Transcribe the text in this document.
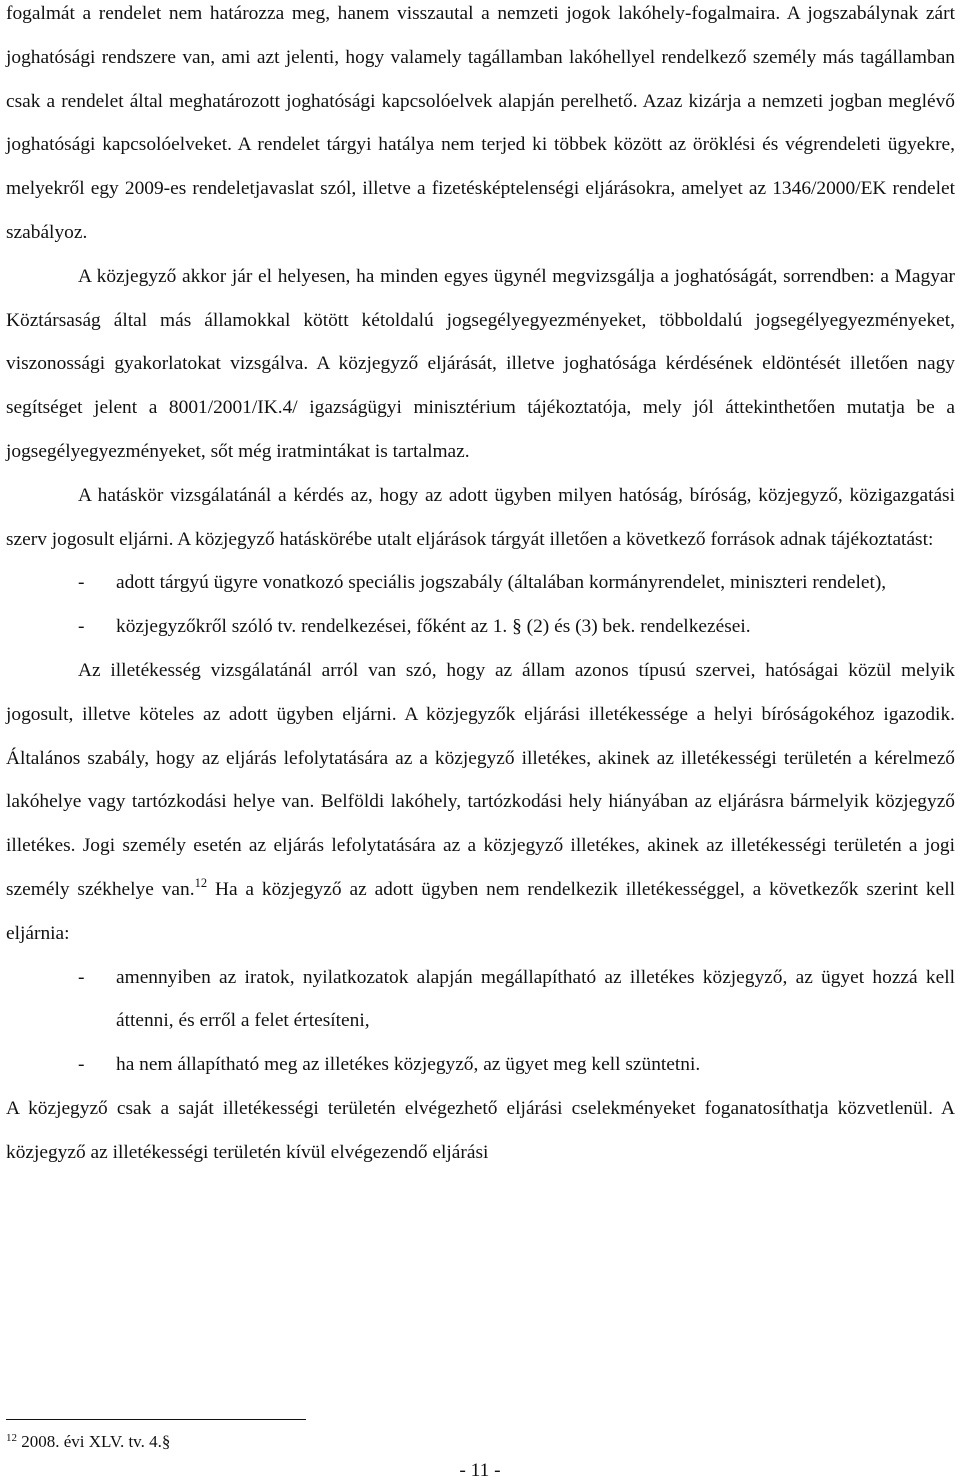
fogalmát a rendelet nem határozza meg, hanem visszautal a nemzeti jogok lakóhely-fogalmaira. A jogszabálynak zárt joghatósági rendszere van, ami azt jelenti, hogy valamely tagállamban lakóhellyel rendelkező személy más tagállamban csak a rendelet által meghatározott joghatósági kapcsolóelvek alapján perelhető. Azaz kizárja a nemzeti jogban meglévő joghatósági kapcsolóelveket. A rendelet tárgyi hatálya nem terjed ki többek között az öröklési és végrendeleti ügyekre, melyekről egy 2009-es rendeletjavaslat szól, illetve a fizetésképtelenségi eljárásokra, amelyet az 1346/2000/EK rendelet szabályoz.

A közjegyző akkor jár el helyesen, ha minden egyes ügynél megvizsgálja a joghatóságát, sorrendben: a Magyar Köztársaság által más államokkal kötött kétoldalú jogsegélyegyezményeket, többoldalú jogsegélyegyezményeket, viszonossági gyakorlatokat vizsgálva. A közjegyző eljárását, illetve joghatósága kérdésének eldöntését illetően nagy segítséget jelent a 8001/2001/IK.4/ igazságügyi minisztérium tájékoztatója, mely jól áttekinthetően mutatja be a jogsegélyegyezményeket, sőt még iratmintákat is tartalmaz.

A hatáskör vizsgálatánál a kérdés az, hogy az adott ügyben milyen hatóság, bíróság, közjegyző, közigazgatási szerv jogosult eljárni. A közjegyző hatáskörébe utalt eljárások tárgyát illetően a következő források adnak tájékoztatást:

- adott tárgyú ügyre vonatkozó speciális jogszabály (általában kormányrendelet, miniszteri rendelet),
- közjegyzőkről szóló tv. rendelkezései, főként az 1. § (2) és (3) bek. rendelkezései.

Az illetékesség vizsgálatánál arról van szó, hogy az állam azonos típusú szervei, hatóságai közül melyik jogosult, illetve köteles az adott ügyben eljárni. A közjegyzők eljárási illetékessége a helyi bíróságokéhoz igazodik. Általános szabály, hogy az eljárás lefolytatására az a közjegyző illetékes, akinek az illetékességi területén a kérelmező lakóhelye vagy tartózkodási helye van. Belföldi lakóhely, tartózkodási hely hiányában az eljárásra bármelyik közjegyző illetékes. Jogi személy esetén az eljárás lefolytatására az a közjegyző illetékes, akinek az illetékességi területén a jogi személy székhelye van.$^{12}$ Ha a közjegyző az adott ügyben nem rendelkezik illetékességgel, a következők szerint kell eljárnia:

- amennyiben az iratok, nyilatkozatok alapján megállapítható az illetékes közjegyző, az ügyet hozzá kell áttenni, és erről a felet értesíteni,
- ha nem állapítható meg az illetékes közjegyző, az ügyet meg kell szüntetni.

A közjegyző csak a saját illetékességi területén elvégezhető eljárási cselekményeket foganatosíthatja közvetlenül. A közjegyző az illetékességi területén kívül elvégezendő eljárási

$^{12}$ 2008. évi XLV. tv. 4.§
- 11 -
